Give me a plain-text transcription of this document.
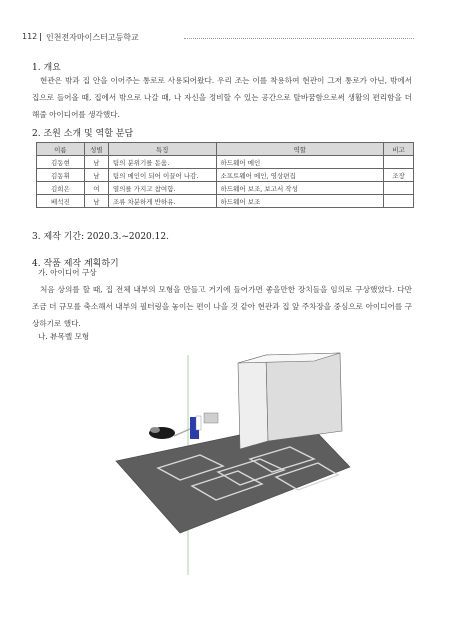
112 인천전자마이스터고등학교
1. 개요

현관은 밖과 집 안을 이어주는 통로로 사용되어왔다. 우리 조는 이를 착용하여 현관이 그저 통로가 아닌, 밖에서 집으로 들어올 때, 집에서 밖으로 나갈 때, 나 자신을 정비할 수 있는 공간으로 탈바꿈함으로써 생활의 편리함을 더해줄 아이디어를 생각했다.

2. 조원 소개 및 역할 분담
이름	성별	특징	역할	비고
김동현	남	팀의 분위기를 돋움.	하드웨어 메인	
김동휘	남	팀의 메인이 되어 이끌어 나감.	소프트웨어 메인, 영상편집	조장
김희은	여	열의를 가지고 참여함.	하드웨어 보조, 보고서 작성	
배석진	남	조류 차분하게 반하유.	하드웨어 보조	
3. 제작 기간: 2020.3.~2020.12.
4. 작품 제작 계획하기

가. 아이디어 구상

처음 상의를 할 때, 집 전체 내부의 모형을 만들고 거기에 들어가면 좋을만한 장치들을 임의로 구상했었다. 다만 조금 더 규모를 축소해서 내부의 필터링을 놓이는 편이 나을 것 같아 현관과 집 앞 주차장을 중심으로 아이디어를 구상하기로 했다.

나. 뷰목벨 모형
